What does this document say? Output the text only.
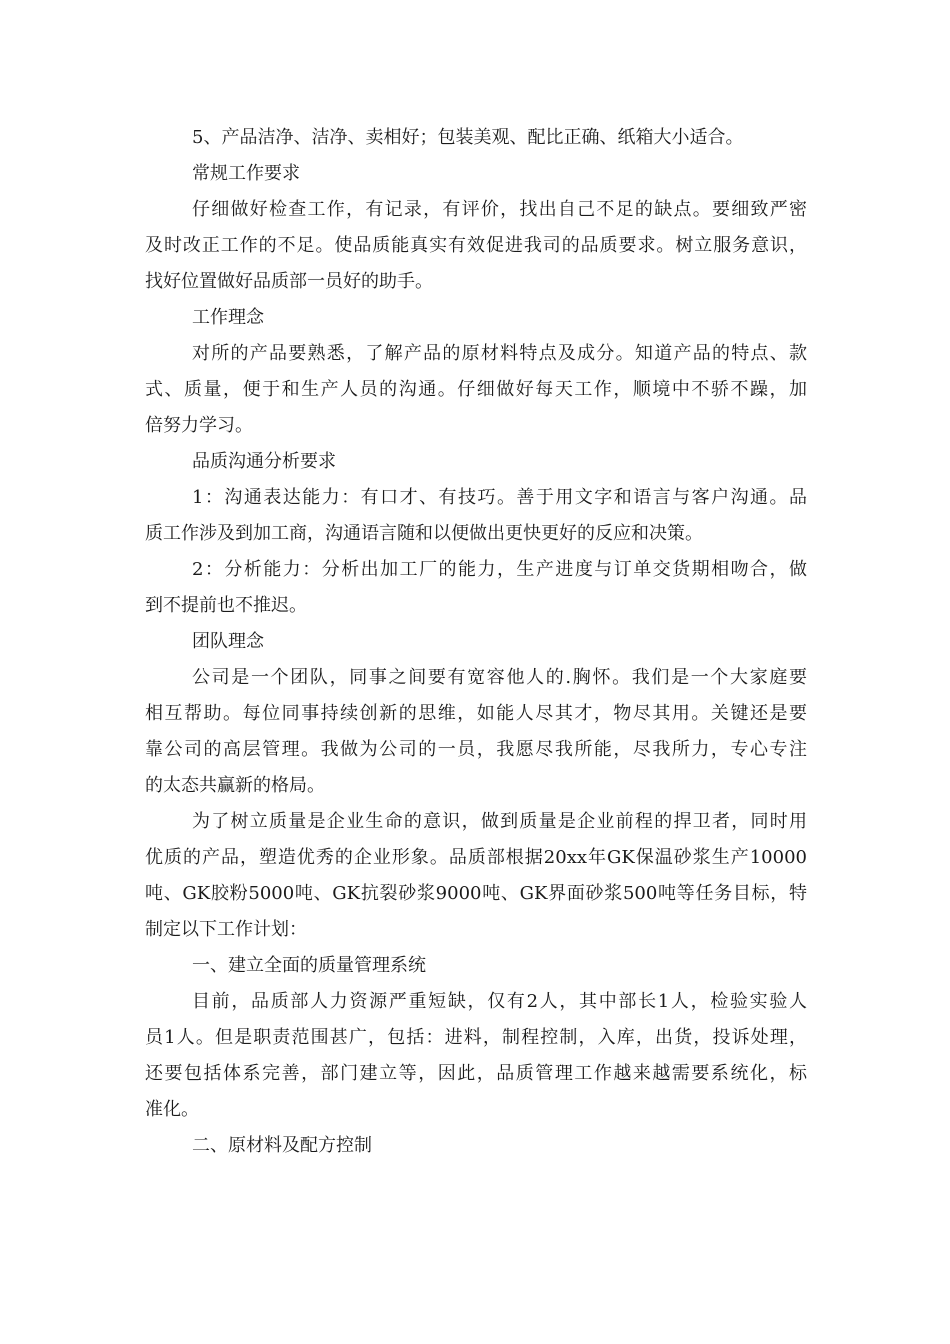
5、产品洁净、洁净、卖相好；包装美观、配比正确、纸箱大小适合。
常规工作要求
仔细做好检查工作，有记录，有评价，找出自己不足的缺点。要细致严密
及时改正工作的不足。使品质能真实有效促进我司的品质要求。树立服务意识，
找好位置做好品质部一员好的助手。
工作理念
对所的产品要熟悉，了解产品的原材料特点及成分。知道产品的特点、款
式、质量，便于和生产人员的沟通。仔细做好每天工作，顺境中不骄不躁，加
倍努力学习。
品质沟通分析要求
1：沟通表达能力：有口才、有技巧。善于用文字和语言与客户沟通。品
质工作涉及到加工商，沟通语言随和以便做出更快更好的反应和决策。
2：分析能力：分析出加工厂的能力，生产进度与订单交货期相吻合，做
到不提前也不推迟。
团队理念
公司是一个团队，同事之间要有宽容他人的.胸怀。我们是一个大家庭要
相互帮助。每位同事持续创新的思维，如能人尽其才，物尽其用。关键还是要
靠公司的高层管理。我做为公司的一员，我愿尽我所能，尽我所力，专心专注
的太态共赢新的格局。
为了树立质量是企业生命的意识，做到质量是企业前程的捍卫者，同时用
优质的产品，塑造优秀的企业形象。品质部根据20xx年GK保温砂浆生产10000
吨、GK胶粉5000吨、GK抗裂砂浆9000吨、GK界面砂浆500吨等任务目标，特
制定以下工作计划：
一、建立全面的质量管理系统
目前，品质部人力资源严重短缺，仅有2人，其中部长1人，检验实验人
员1人。但是职责范围甚广，包括：进料，制程控制，入库，出货，投诉处理，
还要包括体系完善，部门建立等，因此，品质管理工作越来越需要系统化，标
准化。
二、原材料及配方控制
